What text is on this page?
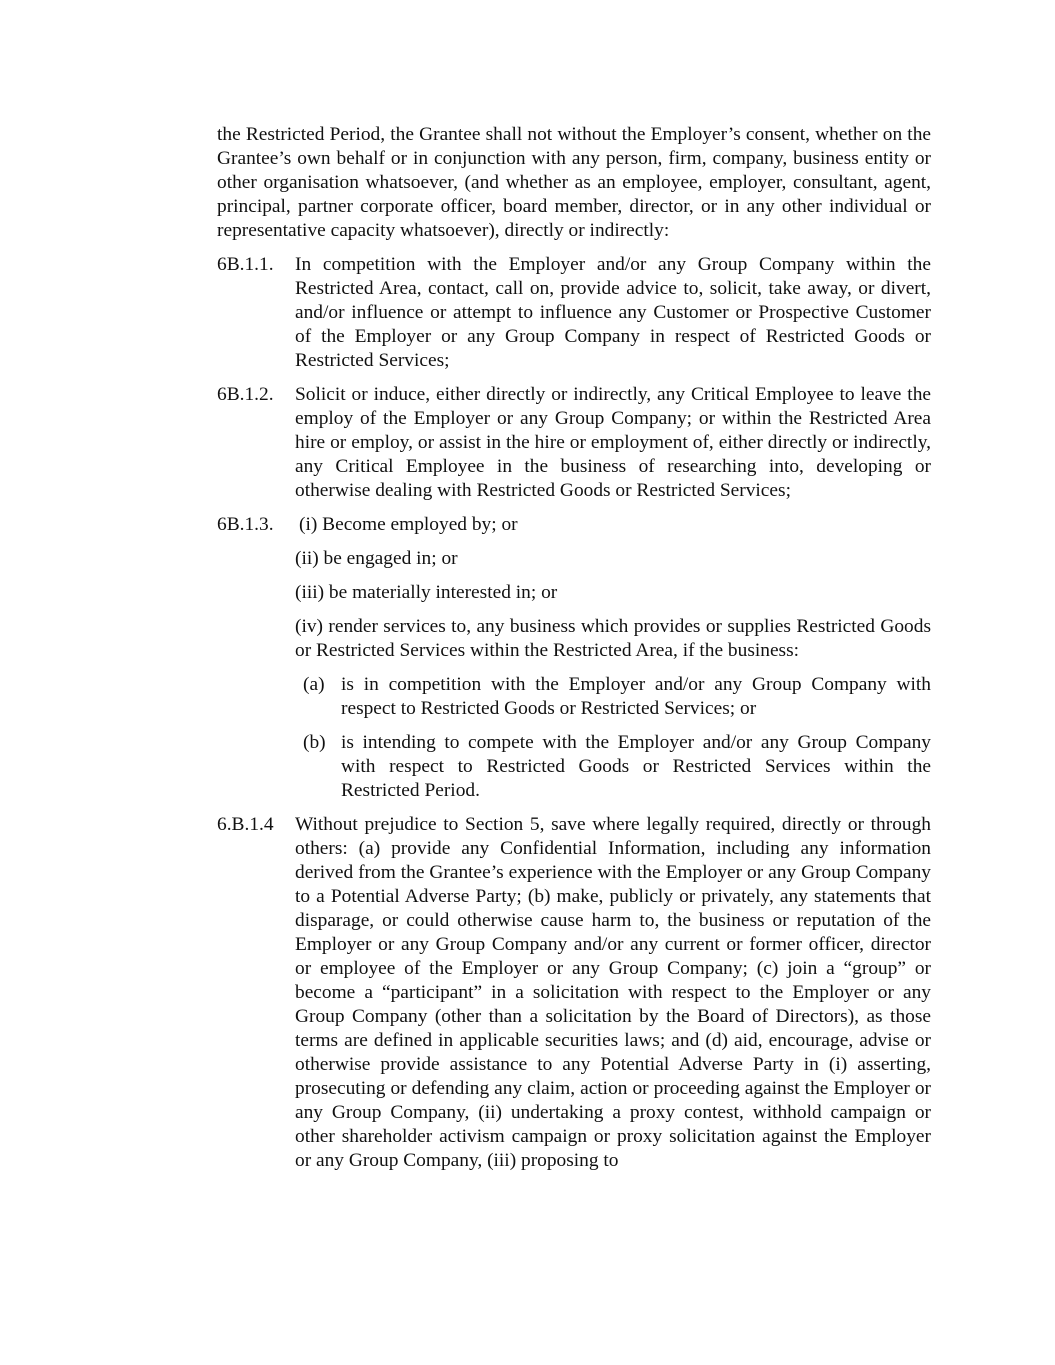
the Restricted Period, the Grantee shall not without the Employer’s consent, whether on the Grantee’s own behalf or in conjunction with any person, firm, company, business entity or other organisation whatsoever, (and whether as an employee, employer, consultant, agent, principal, partner corporate officer, board member, director, or in any other individual or representative capacity whatsoever), directly or indirectly:

6B.1.1.	In competition with the Employer and/or any Group Company within the Restricted Area, contact, call on, provide advice to, solicit, take away, or divert, and/or influence or attempt to influence any Customer or Prospective Customer of the Employer or any Group Company in respect of Restricted Goods or Restricted Services;

6B.1.2.	Solicit or induce, either directly or indirectly, any Critical Employee to leave the employ of the Employer or any Group Company; or within the Restricted Area hire or employ, or assist in the hire or employment of, either directly or indirectly, any Critical Employee in the business of researching into, developing or otherwise dealing with Restricted Goods or Restricted Services;

6B.1.3.	(i) Become employed by; or

(ii) be engaged in; or

(iii) be materially interested in; or

(iv) render services to, any business which provides or supplies Restricted Goods or Restricted Services within the Restricted Area, if the business:

(a) is in competition with the Employer and/or any Group Company with respect to Restricted Goods or Restricted Services; or

(b) is intending to compete with the Employer and/or any Group Company with respect to Restricted Goods or Restricted Services within the Restricted Period.

6.B.1.4	Without prejudice to Section 5, save where legally required, directly or through others: (a) provide any Confidential Information, including any information derived from the Grantee’s experience with the Employer or any Group Company to a Potential Adverse Party; (b) make, publicly or privately, any statements that disparage, or could otherwise cause harm to, the business or reputation of the Employer or any Group Company and/or any current or former officer, director or employee of the Employer or any Group Company; (c) join a “group” or become a “participant” in a solicitation with respect to the Employer or any Group Company (other than a solicitation by the Board of Directors), as those terms are defined in applicable securities laws; and (d) aid, encourage, advise or otherwise provide assistance to any Potential Adverse Party in (i) asserting, prosecuting or defending any claim, action or proceeding against the Employer or any Group Company, (ii) undertaking a proxy contest, withhold campaign or other shareholder activism campaign or proxy solicitation against the Employer or any Group Company, (iii) proposing to
